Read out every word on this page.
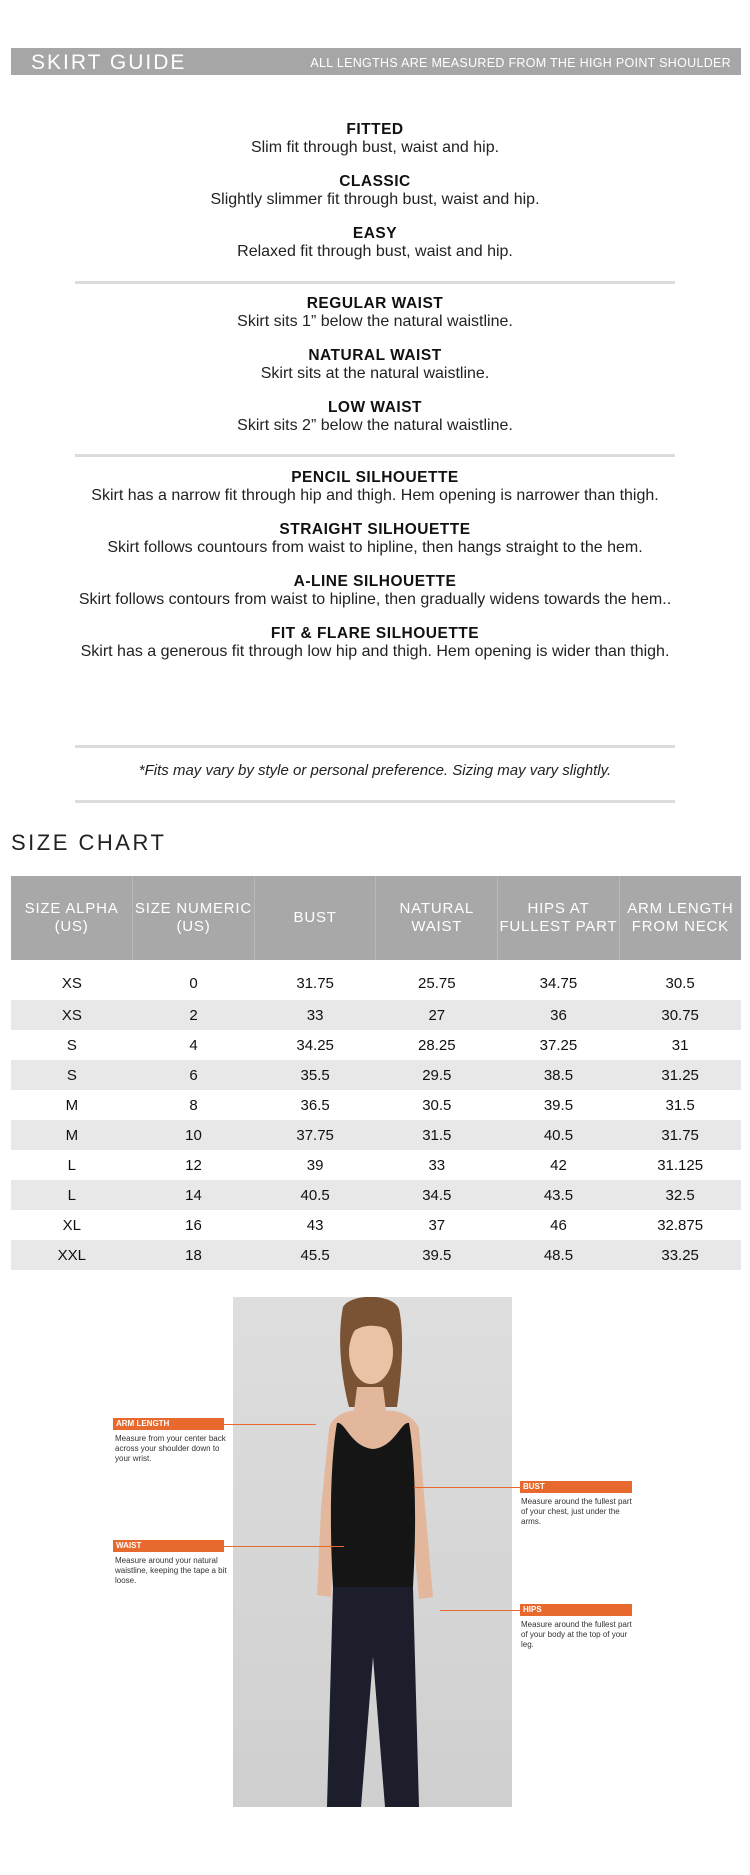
SKIRT GUIDE	ALL LENGTHS ARE MEASURED FROM THE HIGH POINT SHOULDER
FITTED
Slim fit through bust, waist and hip.
CLASSIC
Slightly slimmer fit through bust, waist and hip.
EASY
Relaxed fit through bust, waist and hip.
REGULAR WAIST
Skirt sits 1” below the natural waistline.
NATURAL WAIST
Skirt sits at the natural waistline.
LOW WAIST
Skirt sits 2” below the natural waistline.
PENCIL SILHOUETTE
Skirt has a narrow fit through hip and thigh. Hem opening is narrower than thigh.
STRAIGHT SILHOUETTE
Skirt follows countours from waist to hipline, then hangs straight to the hem.
A-LINE SILHOUETTE
Skirt follows contours from waist to hipline, then gradually widens towards the hem..
FIT & FLARE SILHOUETTE
Skirt has a generous fit through low hip and thigh. Hem opening is wider than thigh.
*Fits may vary by style or personal preference. Sizing may vary slightly.
SIZE CHART
SIZE ALPHA (US)	SIZE NUMERIC (US)	BUST	NATURAL WAIST	HIPS AT FULLEST PART	ARM LENGTH FROM NECK
XS	0	31.75	25.75	34.75	30.5
XS	2	33	27	36	30.75
S	4	34.25	28.25	37.25	31
S	6	35.5	29.5	38.5	31.25
M	8	36.5	30.5	39.5	31.5
M	10	37.75	31.5	40.5	31.75
L	12	39	33	42	31.125
L	14	40.5	34.5	43.5	32.5
XL	16	43	37	46	32.875
XXL	18	45.5	39.5	48.5	33.25
ARM LENGTH
Measure from your center back across your shoulder down to your wrist.
WAIST
Measure around your natural waistline, keeping the tape a bit loose.
BUST
Measure around the fullest part of your chest, just under the arms.
HIPS
Measure around the fullest part of your body at the top of your leg.
